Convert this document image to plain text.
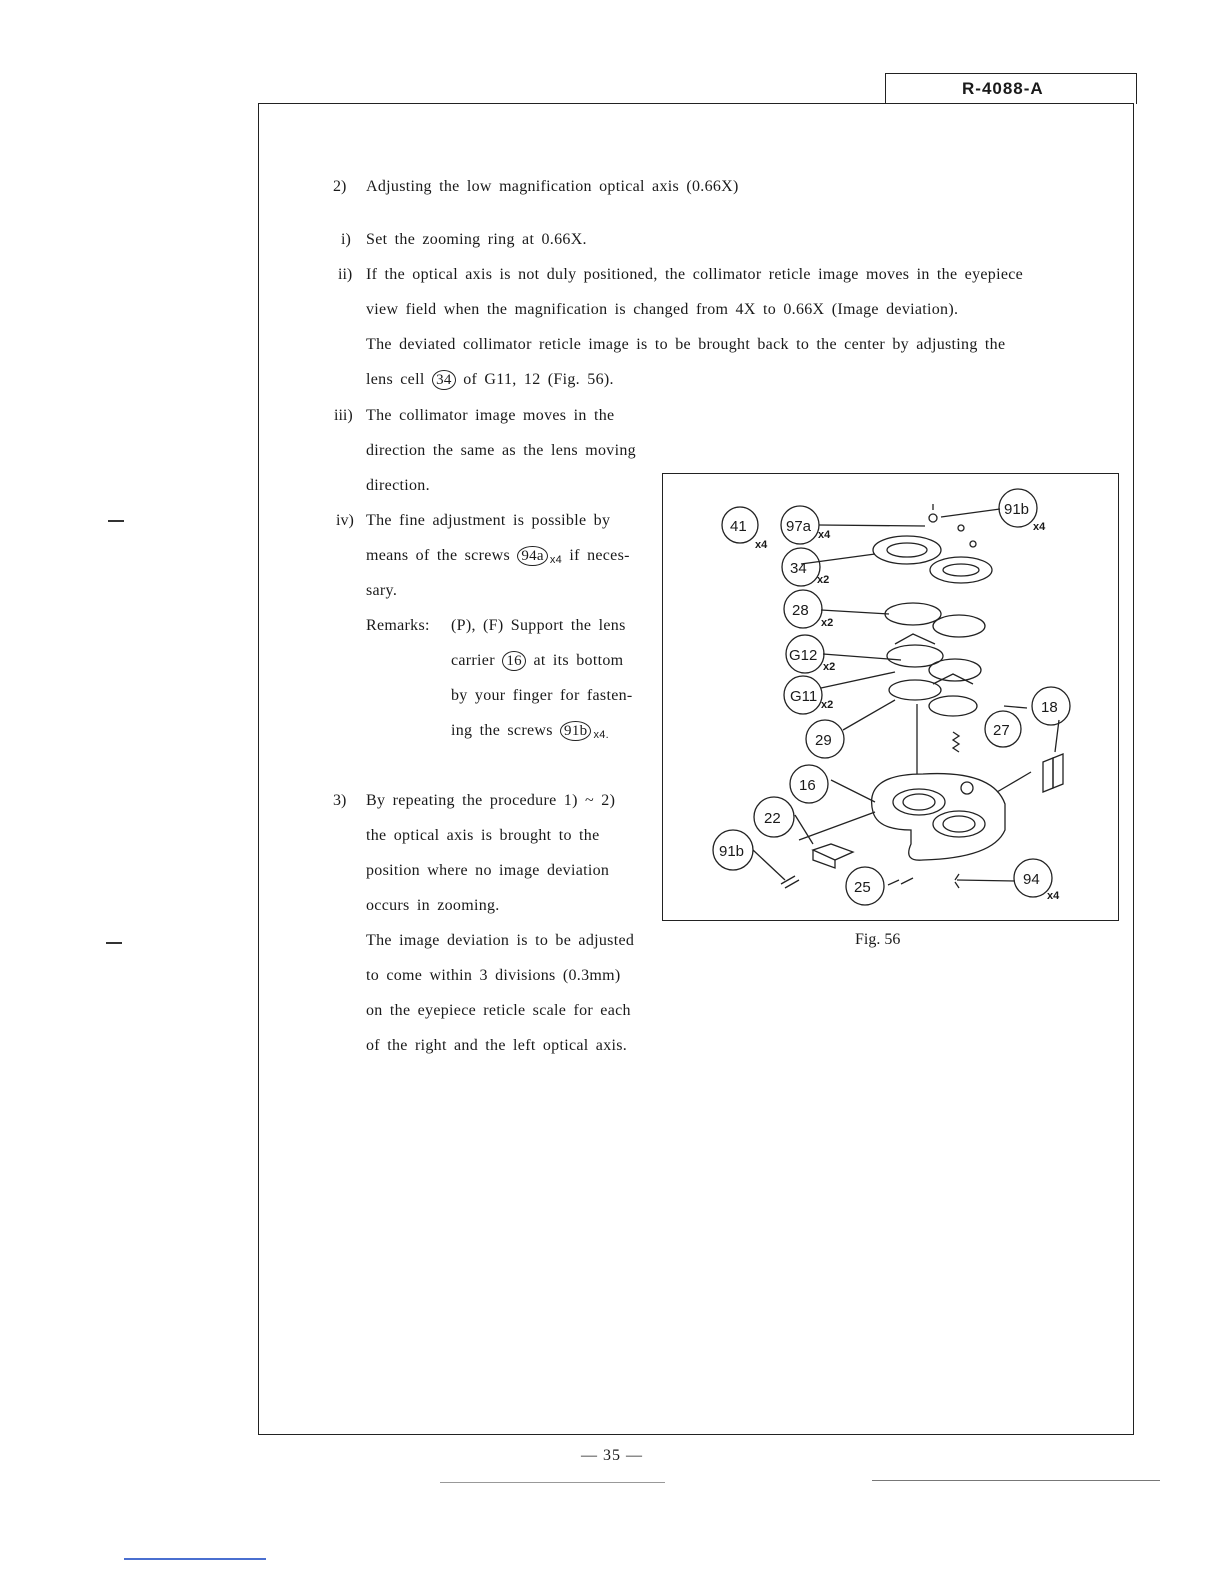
R-4088-A
2) Adjusting the low magnification optical axis (0.66X)
i) Set the zooming ring at 0.66X.
ii) If the optical axis is not duly positioned, the collimator reticle image moves in the eyepiece
view field when the magnification is changed from 4X to 0.66X (Image deviation).
The deviated collimator reticle image is to be brought back to the center by adjusting the
lens cell 34 of G11, 12 (Fig. 56).
iii) The collimator image moves in the
direction the same as the lens moving
direction.
iv) The fine adjustment is possible by
means of the screws 94a $_{x4}$ if neces-
sary.
Remarks: (P), (F) Support the lens
carrier 16 at its bottom
by your finger for fasten-
ing the screws 91b $_{x4.}$
3) By repeating the procedure 1) ~ 2)
the optical axis is brought to the
position where no image deviation
occurs in zooming.
The image deviation is to be adjusted
to come within 3 divisions (0.3mm)
on the eyepiece reticle scale for each
of the right and the left optical axis.
41	97a
91b
34
28
G12
G11
29
18
27
16
22
91b
25	94
x4
x4
x4
x2
x2
x2
x2
x4
Fig. 56
— 35 —
